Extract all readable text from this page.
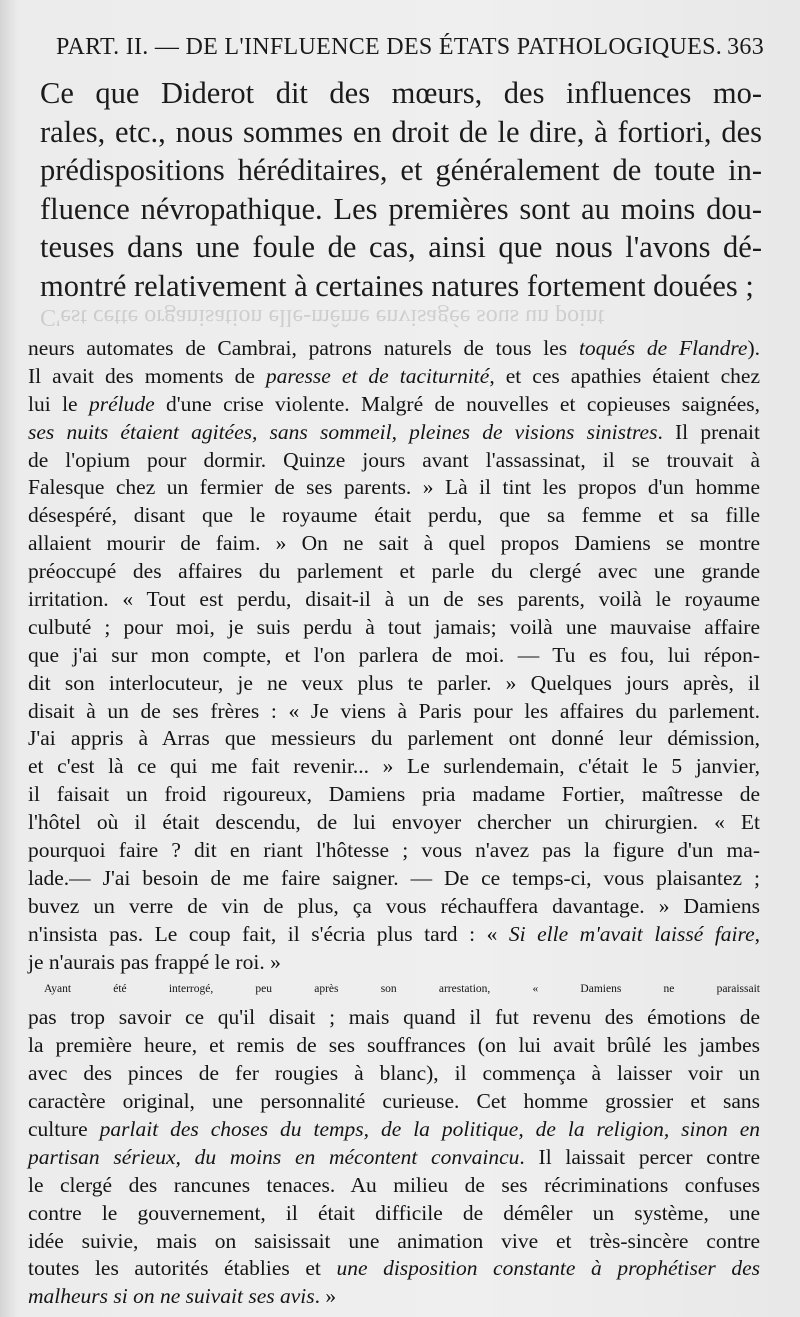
PART. II. — DE L'INFLUENCE DES ÉTATS PATHOLOGIQUES. 363
Ce que Diderot dit des mœurs, des influences mo-
rales, etc., nous sommes en droit de le dire, à fortiori, des
prédispositions héréditaires, et généralement de toute in-
fluence névropathique. Les premières sont au moins dou-
teuses dans une foule de cas, ainsi que nous l'avons dé-
montré relativement à certaines natures fortement douées ;
C'est cette organisation elle-même envisagée sous un point
neurs automates de Cambrai, patrons naturels de tous les toqués de Flandre).
Il avait des moments de paresse et de taciturnité, et ces apathies étaient chez
lui le prélude d'une crise violente. Malgré de nouvelles et copieuses saignées,
ses nuits étaient agitées, sans sommeil, pleines de visions sinistres. Il prenait
de l'opium pour dormir. Quinze jours avant l'assassinat, il se trouvait à
Falesque chez un fermier de ses parents. » Là il tint les propos d'un homme
désespéré, disant que le royaume était perdu, que sa femme et sa fille
allaient mourir de faim. » On ne sait à quel propos Damiens se montre
préoccupé des affaires du parlement et parle du clergé avec une grande
irritation. « Tout est perdu, disait-il à un de ses parents, voilà le royaume
culbuté ; pour moi, je suis perdu à tout jamais; voilà une mauvaise affaire
que j'ai sur mon compte, et l'on parlera de moi. — Tu es fou, lui répon-
dit son interlocuteur, je ne veux plus te parler. » Quelques jours après, il
disait à un de ses frères : « Je viens à Paris pour les affaires du parlement.
J'ai appris à Arras que messieurs du parlement ont donné leur démission,
et c'est là ce qui me fait revenir... » Le surlendemain, c'était le 5 janvier,
il faisait un froid rigoureux, Damiens pria madame Fortier, maîtresse de
l'hôtel où il était descendu, de lui envoyer chercher un chirurgien. « Et
pourquoi faire ? dit en riant l'hôtesse ; vous n'avez pas la figure d'un ma-
lade.— J'ai besoin de me faire saigner. — De ce temps-ci, vous plaisantez ;
buvez un verre de vin de plus, ça vous réchauffera davantage. » Damiens
n'insista pas. Le coup fait, il s'écria plus tard : « Si elle m'avait laissé faire,
je n'aurais pas frappé le roi. »
Ayant été interrogé, peu après son arrestation, « Damiens ne paraissait
pas trop savoir ce qu'il disait ; mais quand il fut revenu des émotions de
la première heure, et remis de ses souffrances (on lui avait brûlé les jambes
avec des pinces de fer rougies à blanc), il commença à laisser voir un
caractère original, une personnalité curieuse. Cet homme grossier et sans
culture parlait des choses du temps, de la politique, de la religion, sinon en
partisan sérieux, du moins en mécontent convaincu. Il laissait percer contre
le clergé des rancunes tenaces. Au milieu de ses récriminations confuses
contre le gouvernement, il était difficile de démêler un système, une
idée suivie, mais on saisissait une animation vive et très-sincère contre
toutes les autorités établies et une disposition constante à prophétiser des
malheurs si on ne suivait ses avis. »
